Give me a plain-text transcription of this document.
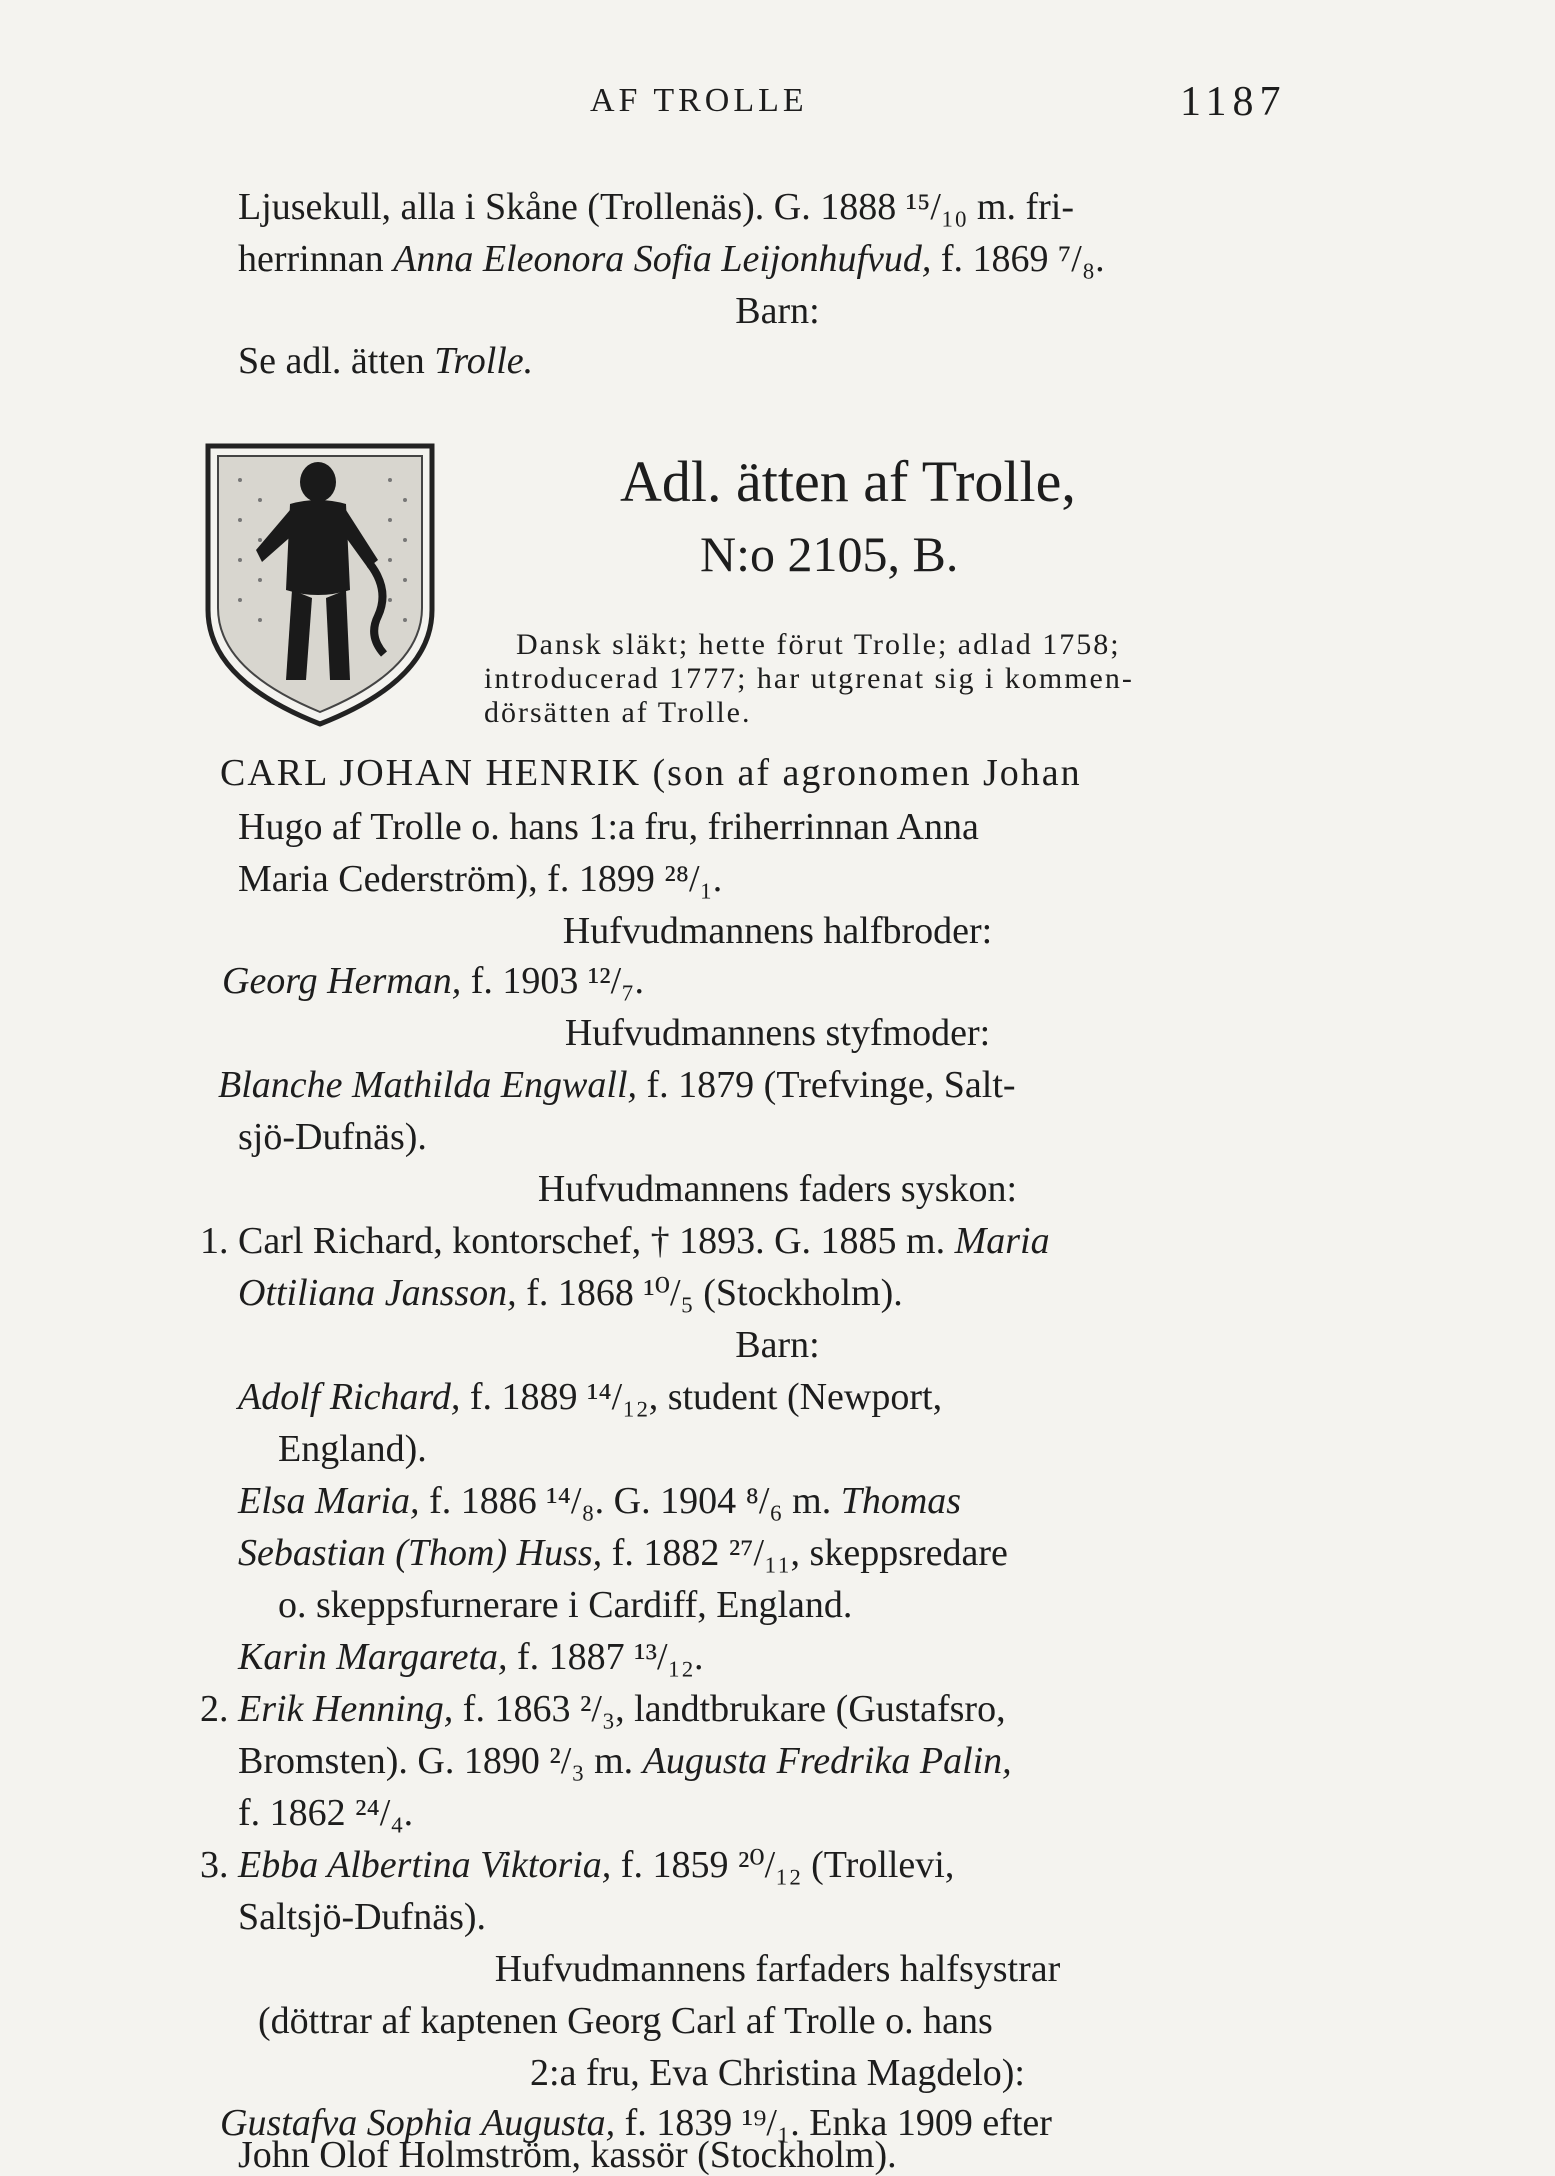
AF TROLLE	1187
Ljusekull, alla i Skåne (Trollenäs). G. 1888 ¹⁵/₁₀ m. fri-
herrinnan Anna Eleonora Sofia Leijonhufvud, f. 1869 ⁷/₈.
Barn:
Se adl. ätten Trolle.
Adl. ätten af Trolle,
N:o 2105, B.
Dansk släkt; hette förut Trolle; adlad 1758;
introducerad 1777; har utgrenat sig i kommen-
dörsätten af Trolle.
CARL JOHAN HENRIK (son af agronomen Johan
Hugo af Trolle o. hans 1:a fru, friherrinnan Anna
Maria Cederström), f. 1899 ²⁸/₁.
Hufvudmannens halfbroder:
Georg Herman, f. 1903 ¹²/₇.
Hufvudmannens styfmoder:
Blanche Mathilda Engwall, f. 1879 (Trefvinge, Salt-
sjö-Dufnäs).
Hufvudmannens faders syskon:
1. Carl Richard, kontorschef, † 1893. G. 1885 m. Maria
Ottiliana Jansson, f. 1868 ¹⁰/₅ (Stockholm).
Barn:
Adolf Richard, f. 1889 ¹⁴/₁₂, student (Newport,
England).
Elsa Maria, f. 1886 ¹⁴/₈. G. 1904 ⁸/₆ m. Thomas
Sebastian (Thom) Huss, f. 1882 ²⁷/₁₁, skeppsredare
o. skeppsfurnerare i Cardiff, England.
Karin Margareta, f. 1887 ¹³/₁₂.
2. Erik Henning, f. 1863 ²/₃, landtbrukare (Gustafsro,
Bromsten). G. 1890 ²/₃ m. Augusta Fredrika Palin,
f. 1862 ²⁴/₄.
3. Ebba Albertina Viktoria, f. 1859 ²⁰/₁₂ (Trollevi,
Saltsjö-Dufnäs).
Hufvudmannens farfaders halfsystrar
(döttrar af kaptenen Georg Carl af Trolle o. hans
2:a fru, Eva Christina Magdelo):
Gustafva Sophia Augusta, f. 1839 ¹⁹/₁. Enka 1909 efter
John Olof Holmström, kassör (Stockholm).
